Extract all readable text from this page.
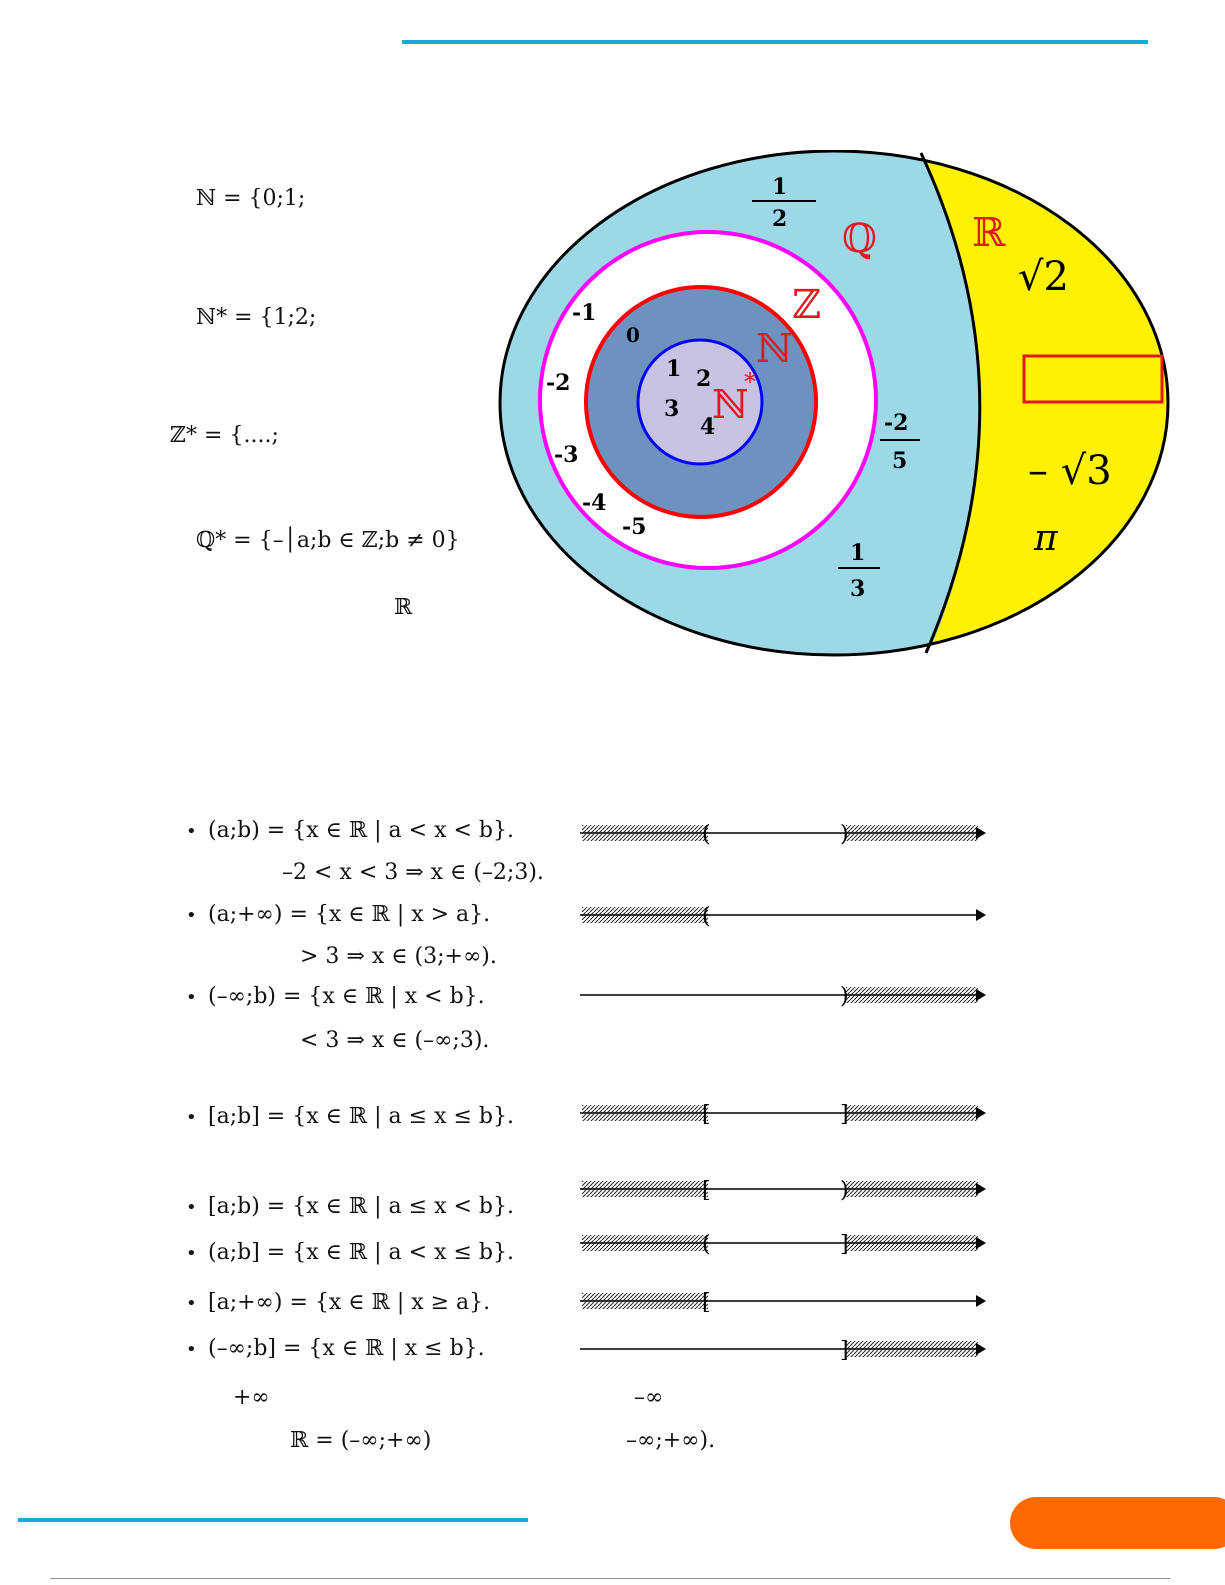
ℕ = {0;1;
ℕ* = {1;2;
ℤ* = {....;
ℚ* = {–│a;b ∈ ℤ;b ≠ 0}
ℝ
1 2
3
4
0
-1
-2
-3
-4
-5
1
2
-2
5
1
3
ℚ ℝ
ℤ
ℕ
ℕ
*
√2
– √3
π
• (a;b) = {x ∈ ℝ | a < x < b}.
–2 < x < 3 ⇒ x ∈ (–2;3).
(	)
• (a;+∞) = {x ∈ ℝ | x > a}.
> 3 ⇒ x ∈ (3;+∞).
(
• (–∞;b) = {x ∈ ℝ | x < b}.
< 3 ⇒ x ∈ (–∞;3).
)
• [a;b] = {x ∈ ℝ | a ≤ x ≤ b}.	[	]
• [a;b) = {x ∈ ℝ | a ≤ x < b}.
[	)
• (a;b] = {x ∈ ℝ | a < x ≤ b}.	(	]
• [a;+∞) = {x ∈ ℝ | x ≥ a}.	[
• (–∞;b] = {x ∈ ℝ | x ≤ b}.	]
+∞	–∞
ℝ = (–∞;+∞)	–∞;+∞).
